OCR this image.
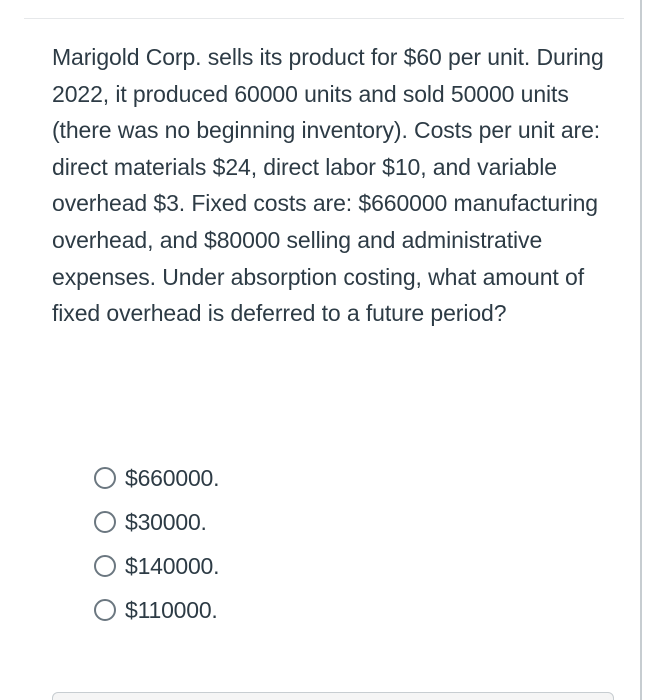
Marigold Corp. sells its product for $60 per unit. During 2022, it produced 60000 units and sold 50000 units (there was no beginning inventory). Costs per unit are: direct materials $24, direct labor $10, and variable overhead $3. Fixed costs are: $660000 manufacturing overhead, and $80000 selling and administrative expenses. Under absorption costing, what amount of fixed overhead is deferred to a future period?

$660000.
$30000.
$140000.
$110000.
